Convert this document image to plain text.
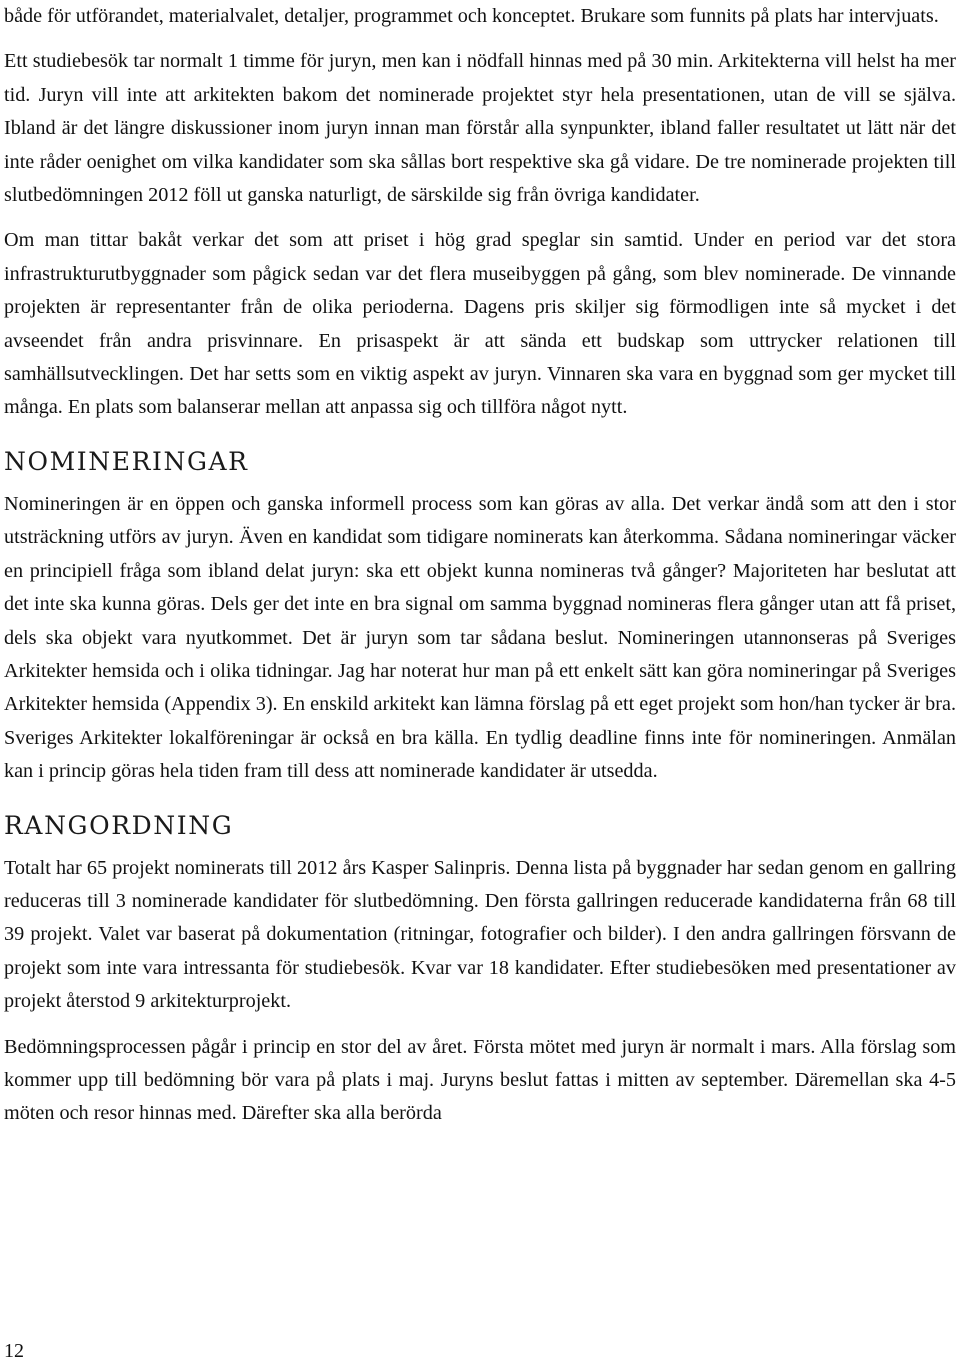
både för utförandet, materialvalet, detaljer, programmet och konceptet. Brukare som funnits på plats har intervjuats.

Ett studiebesök tar normalt 1 timme för juryn, men kan i nödfall hinnas med på 30 min. Arkitekterna vill helst ha mer tid. Juryn vill inte att arkitekten bakom det nominerade projektet styr hela presentationen, utan de vill se själva. Ibland är det längre diskussioner inom juryn innan man förstår alla synpunkter, ibland faller resultatet ut lätt när det inte råder oenighet om vilka kandidater som ska sållas bort respektive ska gå vidare. De tre nominerade projekten till slutbedömningen 2012 föll ut ganska naturligt, de särskilde sig från övriga kandidater.

Om man tittar bakåt verkar det som att priset i hög grad speglar sin samtid. Under en period var det stora infrastrukturutbyggnader som pågick sedan var det flera museibyggen på gång, som blev nominerade. De vinnande projekten är representanter från de olika perioderna. Dagens pris skiljer sig förmodligen inte så mycket i det avseendet från andra prisvinnare. En prisaspekt är att sända ett budskap som uttrycker relationen till samhällsutvecklingen. Det har setts som en viktig aspekt av juryn. Vinnaren ska vara en byggnad som ger mycket till många. En plats som balanserar mellan att anpassa sig och tillföra något nytt.

NOMINERINGAR

Nomineringen är en öppen och ganska informell process som kan göras av alla. Det verkar ändå som att den i stor utsträckning utförs av juryn. Även en kandidat som tidigare nominerats kan återkomma. Sådana nomineringar väcker en principiell fråga som ibland delat juryn: ska ett objekt kunna nomineras två gånger? Majoriteten har beslutat att det inte ska kunna göras. Dels ger det inte en bra signal om samma byggnad nomineras flera gånger utan att få priset, dels ska objekt vara nyutkommet. Det är juryn som tar sådana beslut. Nomineringen utannonseras på Sveriges Arkitekter hemsida och i olika tidningar. Jag har noterat hur man på ett enkelt sätt kan göra nomineringar på Sveriges Arkitekter hemsida (Appendix 3). En enskild arkitekt kan lämna förslag på ett eget projekt som hon/han tycker är bra. Sveriges Arkitekter lokalföreningar är också en bra källa. En tydlig deadline finns inte för nomineringen. Anmälan kan i princip göras hela tiden fram till dess att nominerade kandidater är utsedda.

RANGORDNING

Totalt har 65 projekt nominerats till 2012 års Kasper Salinpris. Denna lista på byggnader har sedan genom en gallring reduceras till 3 nominerade kandidater för slutbedömning. Den första gallringen reducerade kandidaterna från 68 till 39 projekt. Valet var baserat på dokumentation (ritningar, fotografier och bilder). I den andra gallringen försvann de projekt som inte vara intressanta för studiebesök. Kvar var 18 kandidater. Efter studiebesöken med presentationer av projekt återstod 9 arkitekturprojekt.

Bedömningsprocessen pågår i princip en stor del av året. Första mötet med juryn är normalt i mars. Alla förslag som kommer upp till bedömning bör vara på plats i maj. Juryns beslut fattas i mitten av september. Däremellan ska 4-5 möten och resor hinnas med. Därefter ska alla berörda

12
